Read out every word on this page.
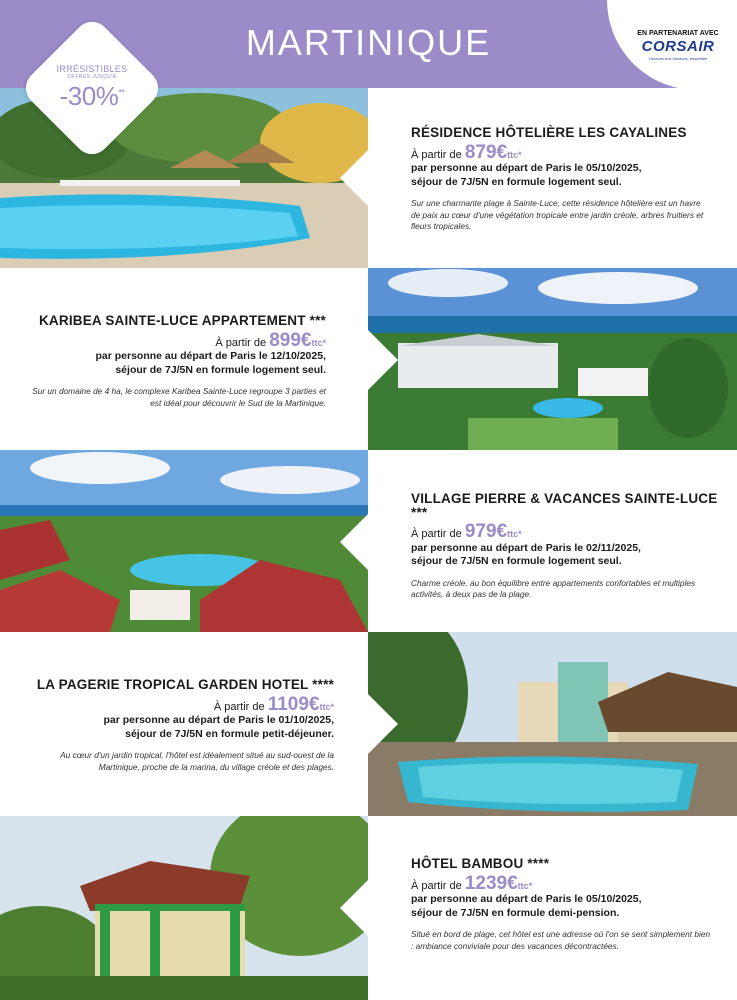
MARTINIQUE	EN PARTENARIAT AVEC
CORSAIR
Ouvrons nos horizons, ensemble
IRRÉSISTIBLES
OFFRES JUSQU'À
-30%**
RÉSIDENCE HÔTELIÈRE LES CAYALINES
À partir de 879€ttc*
par personne au départ de Paris le 05/10/2025,
séjour de 7J/5N en formule logement seul.
Sur une charmante plage à Sainte-Luce, cette résidence hôtelière est un havre de paix au cœur d'une végétation tropicale entre jardin créole, arbres fruitiers et fleurs tropicales.
KARIBEA SAINTE-LUCE APPARTEMENT ***
À partir de 899€ttc*
par personne au départ de Paris le 12/10/2025,
séjour de 7J/5N en formule logement seul.
Sur un domaine de 4 ha, le complexe Karibea Sainte-Luce regroupe 3 parties et est idéal pour découvrir le Sud de la Martinique.
VILLAGE PIERRE & VACANCES SAINTE-LUCE ***
À partir de 979€ttc*
par personne au départ de Paris le 02/11/2025,
séjour de 7J/5N en formule logement seul.
Charme créole, au bon équilibre entre appartements confortables et multiples activités, à deux pas de la plage.
LA PAGERIE TROPICAL GARDEN HOTEL ****
À partir de 1109€ttc*
par personne au départ de Paris le 01/10/2025,
séjour de 7J/5N en formule petit-déjeuner.
Au cœur d'un jardin tropical, l'hôtel est idéalement situé au sud-ouest de la Martinique, proche de la marina, du village créole et des plages.
HÔTEL BAMBOU ****
À partir de 1239€ttc*
par personne au départ de Paris le 05/10/2025,
séjour de 7J/5N en formule demi-pension.
Situé en bord de plage, cet hôtel est une adresse où l'on se sent simplement bien : ambiance conviviale pour des vacances décontractées.
